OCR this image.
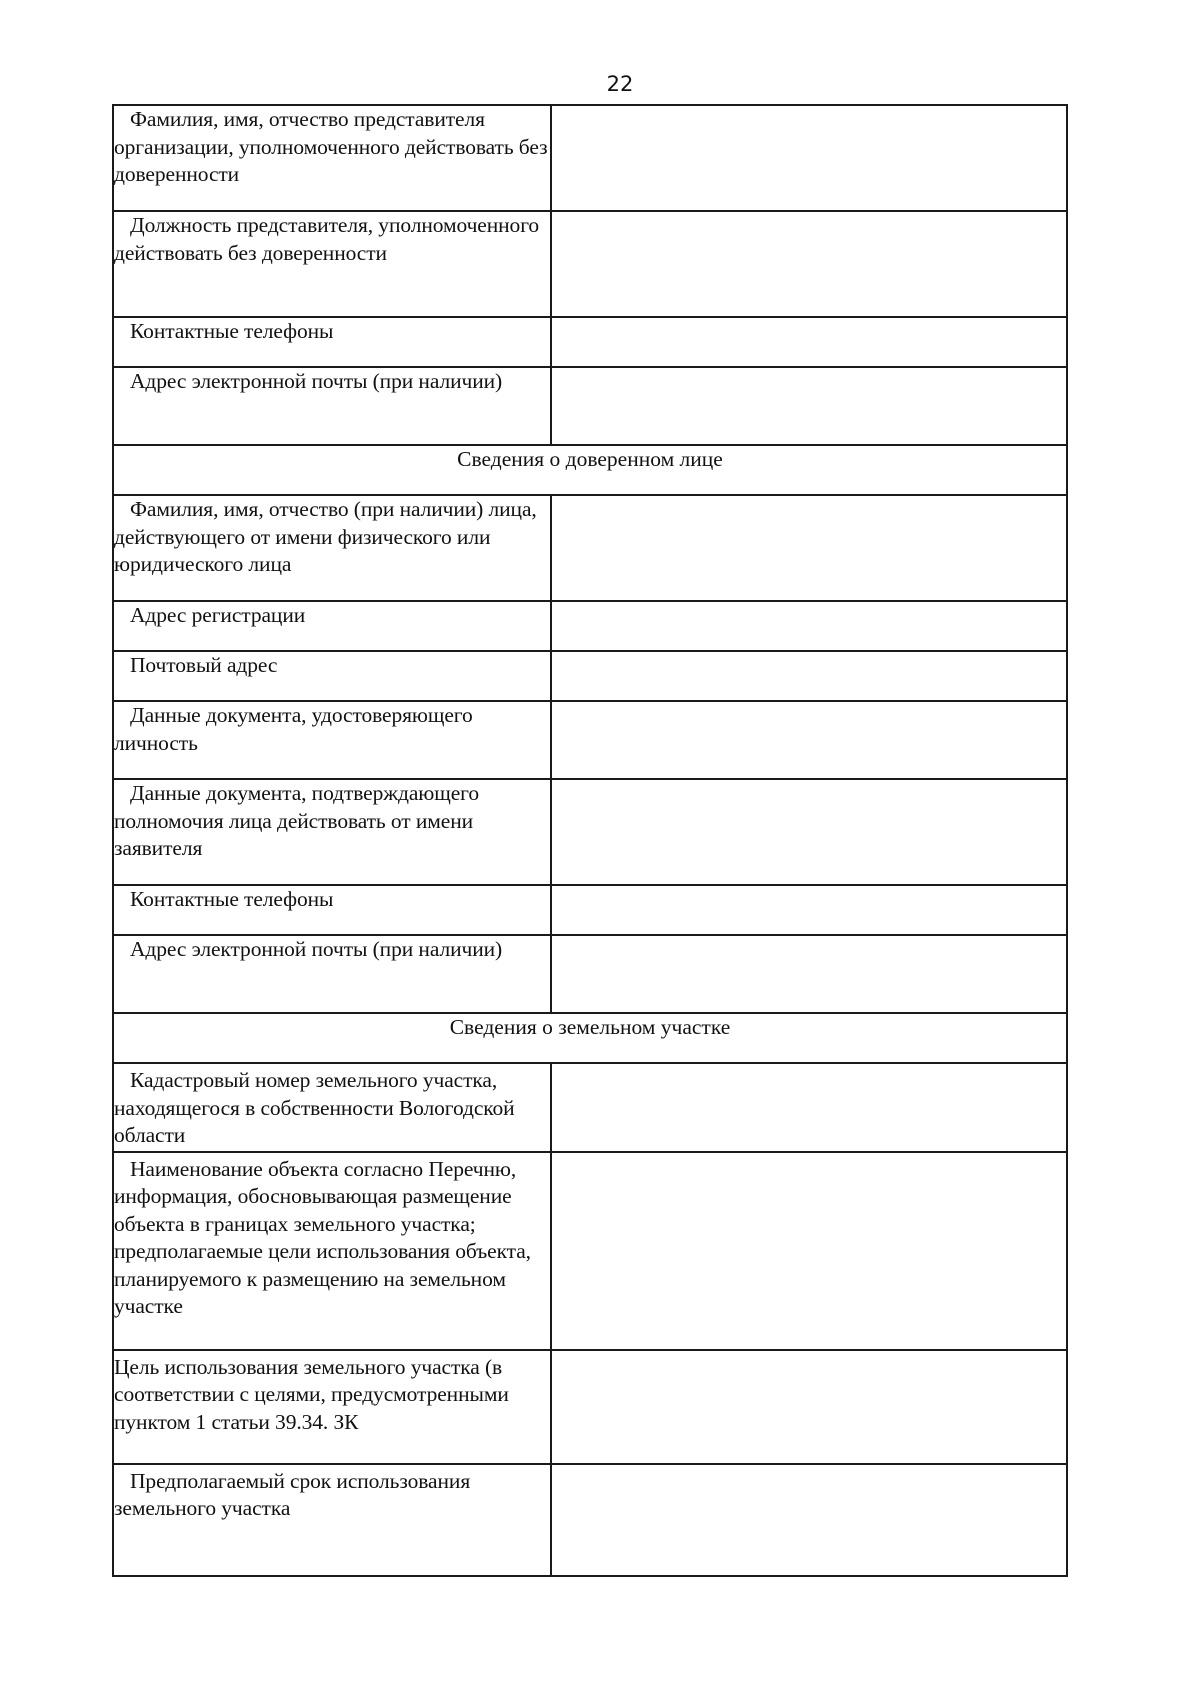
22
Фамилия, имя, отчество представителя организации, уполномоченного действовать без доверенности	
Должность представителя, уполномоченного действовать без доверенности	
Контактные телефоны	
Адрес электронной почты (при наличии)	
Сведения о доверенном лице	
Фамилия, имя, отчество (при наличии) лица, действующего от имени физического или юридического лица	
Адрес регистрации	
Почтовый адрес	
Данные документа, удостоверяющего личность	
Данные документа, подтверждающего полномочия лица действовать от имени заявителя	
Контактные телефоны	
Адрес электронной почты (при наличии)	
Сведения о земельном участке	
Кадастровый номер земельного участка, находящегося в собственности Вологодской области	
Наименование объекта согласно Перечню, информация, обосновывающая размещение объекта в границах земельного участка; предполагаемые цели использования объекта, планируемого к размещению на земельном участке	
Цель использования земельного участка (в соответствии с целями, предусмотренными пунктом 1 статьи 39.34. ЗК	
Предполагаемый срок использования земельного участка	
